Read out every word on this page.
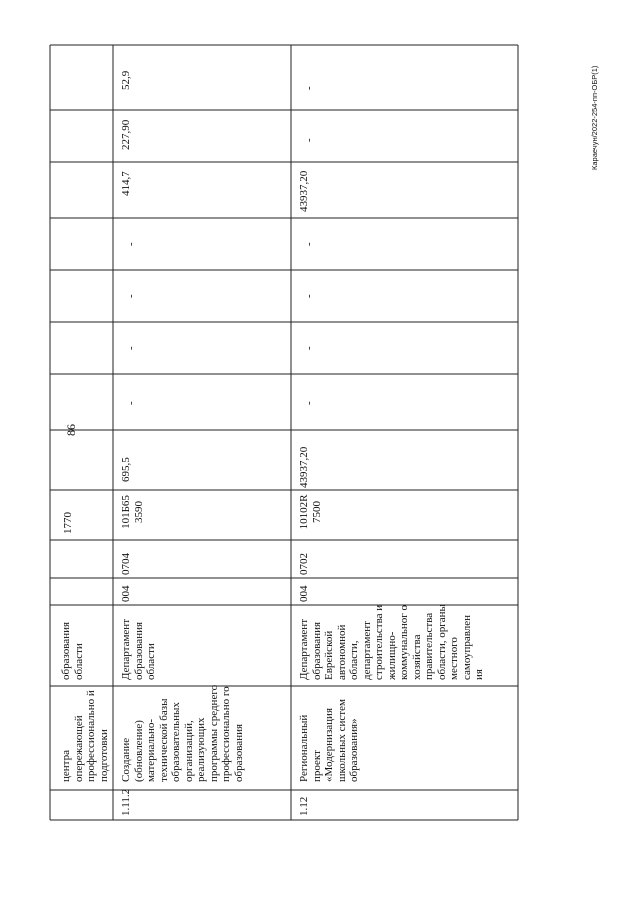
86
Караечун/2022-254-пп-ОБР(1)
центра опережающей профессионально й подготовки
образования области
1770
1.11.2
Создание (обновление) материально-технической базы образовательных организаций, реализующих программы среднего профессионально го образования
Департамент образования области
004
0704
101Б65 3590
695,5
-
-
-
-
414,7
227,90
52,9
1.12
Региональный проект «Модернизация школьных систем образования»
Департамент образования Еврейской автономной области, департамент строительства и жилищно-коммунальног о хозяйства правительства области, органы местного самоуправлен ия
004
0702
10102R 7500
43937,20
-
-
-
-
43937,20
-
-
